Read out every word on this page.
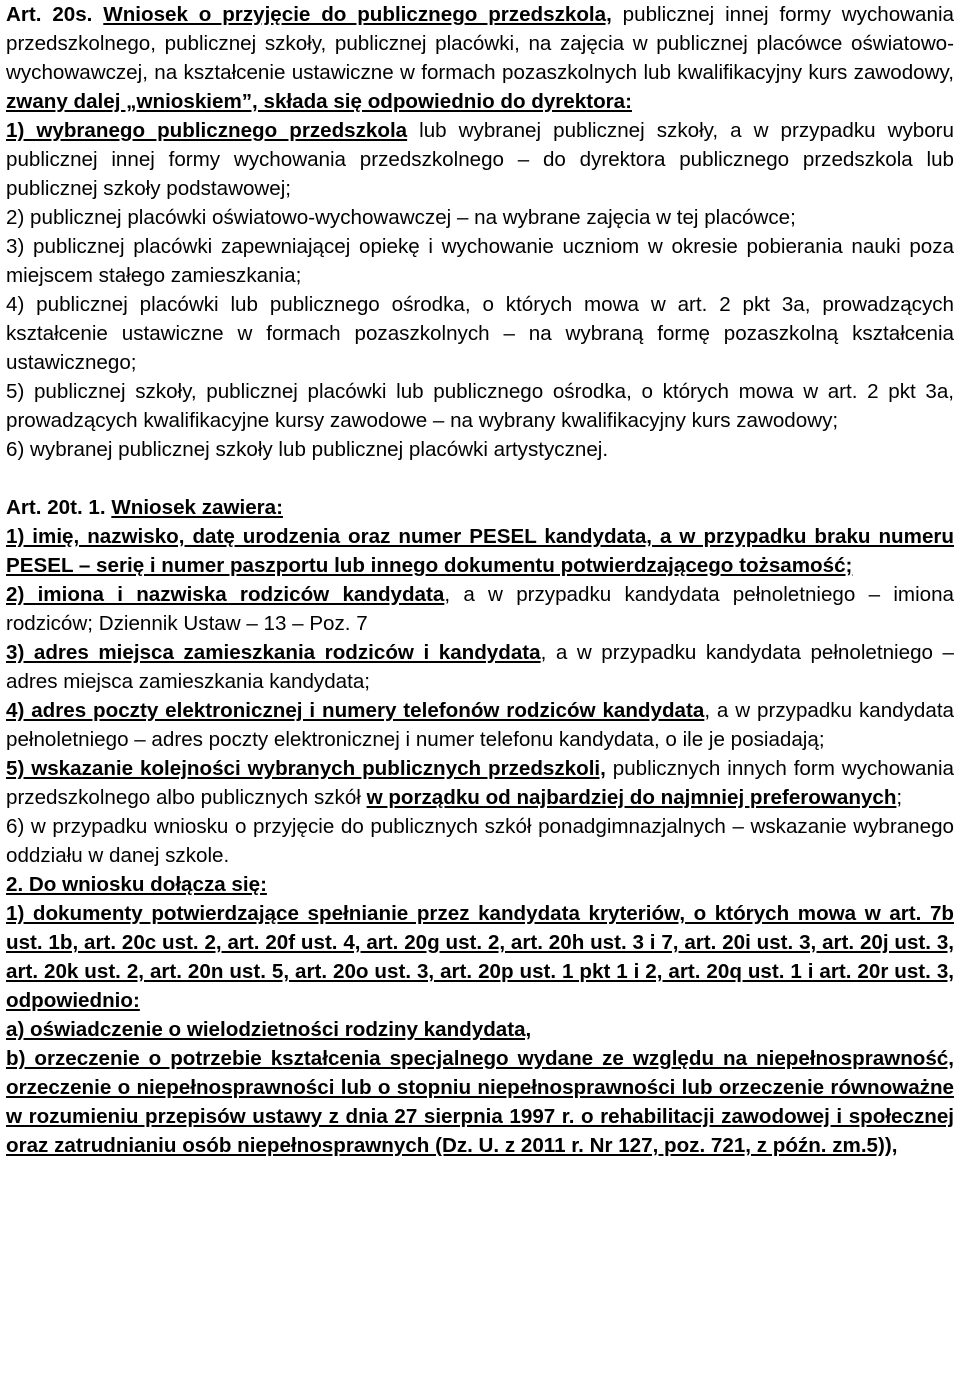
Art. 20s. Wniosek o przyjęcie do publicznego przedszkola, publicznej innej formy wychowania przedszkolnego, publicznej szkoły, publicznej placówki, na zajęcia w publicznej placówce oświatowo-wychowawczej, na kształcenie ustawiczne w formach pozaszkolnych lub kwalifikacyjny kurs zawodowy, zwany dalej „wnioskiem”, składa się odpowiednio do dyrektora:

1) wybranego publicznego przedszkola lub wybranej publicznej szkoły, a w przypadku wyboru publicznej innej formy wychowania przedszkolnego – do dyrektora publicznego przedszkola lub publicznej szkoły podstawowej;

2) publicznej placówki oświatowo-wychowawczej – na wybrane zajęcia w tej placówce;

3) publicznej placówki zapewniającej opiekę i wychowanie uczniom w okresie pobierania nauki poza miejscem stałego zamieszkania;

4) publicznej placówki lub publicznego ośrodka, o których mowa w art. 2 pkt 3a, prowadzących kształcenie ustawiczne w formach pozaszkolnych – na wybraną formę pozaszkolną kształcenia ustawicznego;

5) publicznej szkoły, publicznej placówki lub publicznego ośrodka, o których mowa w art. 2 pkt 3a, prowadzących kwalifikacyjne kursy zawodowe – na wybrany kwalifikacyjny kurs zawodowy;

6) wybranej publicznej szkoły lub publicznej placówki artystycznej.

Art. 20t. 1. Wniosek zawiera:

1) imię, nazwisko, datę urodzenia oraz numer PESEL kandydata, a w przypadku braku numeru PESEL – serię i numer paszportu lub innego dokumentu potwierdzającego tożsamość;

2) imiona i nazwiska rodziców kandydata, a w przypadku kandydata pełnoletniego – imiona rodziców; Dziennik Ustaw – 13 – Poz. 7

3) adres miejsca zamieszkania rodziców i kandydata, a w przypadku kandydata pełnoletniego – adres miejsca zamieszkania kandydata;

4) adres poczty elektronicznej i numery telefonów rodziców kandydata, a w przypadku kandydata pełnoletniego – adres poczty elektronicznej i numer telefonu kandydata, o ile je posiadają;

5) wskazanie kolejności wybranych publicznych przedszkoli, publicznych innych form wychowania przedszkolnego albo publicznych szkół w porządku od najbardziej do najmniej preferowanych;

6) w przypadku wniosku o przyjęcie do publicznych szkół ponadgimnazjalnych – wskazanie wybranego oddziału w danej szkole.

2. Do wniosku dołącza się:

1) dokumenty potwierdzające spełnianie przez kandydata kryteriów, o których mowa w art. 7b ust. 1b, art. 20c ust. 2, art. 20f ust. 4, art. 20g ust. 2, art. 20h ust. 3 i 7, art. 20i ust. 3, art. 20j ust. 3, art. 20k ust. 2, art. 20n ust. 5, art. 20o ust. 3, art. 20p ust. 1 pkt 1 i 2, art. 20q ust. 1 i art. 20r ust. 3, odpowiednio:

a) oświadczenie o wielodzietności rodziny kandydata,

b) orzeczenie o potrzebie kształcenia specjalnego wydane ze względu na niepełnosprawność, orzeczenie o niepełnosprawności lub o stopniu niepełnosprawności lub orzeczenie równoważne w rozumieniu przepisów ustawy z dnia 27 sierpnia 1997 r. o rehabilitacji zawodowej i społecznej oraz zatrudnianiu osób niepełnosprawnych (Dz. U. z 2011 r. Nr 127, poz. 721, z późn. zm.5)),
